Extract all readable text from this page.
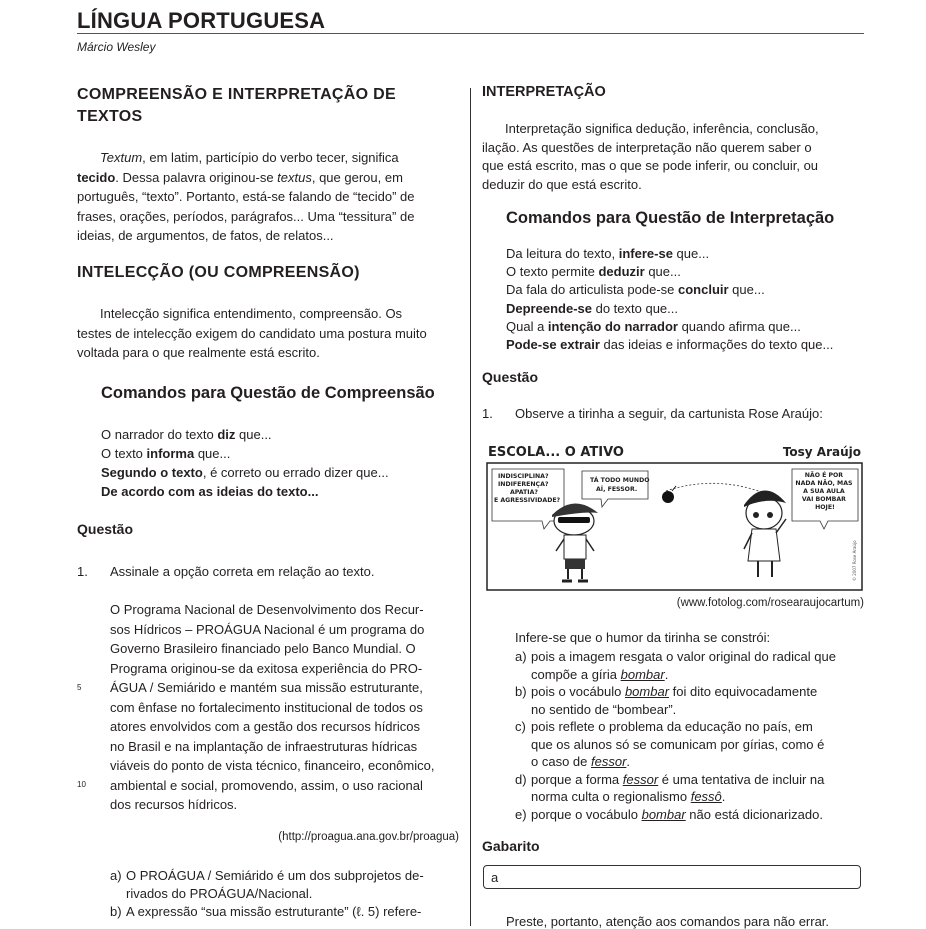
LÍNGUA PORTUGUESA
Márcio Wesley
COMPREENSÃO E INTERPRETAÇÃO DE
TEXTOS
Textum, em latim, particípio do verbo tecer, significa
tecido. Dessa palavra originou-se textus, que gerou, em
português, “texto”. Portanto, está-se falando de “tecido” de
frases, orações, períodos, parágrafos... Uma “tessitura” de
ideias, de argumentos, de fatos, de relatos...
INTELECÇÃO (OU COMPREENSÃO)
Intelecção significa entendimento, compreensão. Os
testes de intelecção exigem do candidato uma postura muito
voltada para o que realmente está escrito.
Comandos para Questão de Compreensão
O narrador do texto diz que...
O texto informa que...
Segundo o texto, é correto ou errado dizer que...
De acordo com as ideias do texto...
Questão
1. Assinale a opção correta em relação ao texto.
O Programa Nacional de Desenvolvimento dos Recur-
sos Hídricos – PROÁGUA Nacional é um programa do
Governo Brasileiro financiado pelo Banco Mundial. O
Programa originou-se da exitosa experiência do PRO-
ÁGUA / Semiárido e mantém sua missão estruturante,
com ênfase no fortalecimento institucional de todos os
atores envolvidos com a gestão dos recursos hídricos
no Brasil e na implantação de infraestruturas hídricas
viáveis do ponto de vista técnico, financeiro, econômico,
ambiental e social, promovendo, assim, o uso racional
dos recursos hídricos.
5
10
(http://proagua.ana.gov.br/proagua)
a) O PROÁGUA / Semiárido é um dos subprojetos de-
rivados do PROÁGUA/Nacional.
b) A expressão “sua missão estruturante” (ℓ. 5) refere-
INTERPRETAÇÃO
Interpretação significa dedução, inferência, conclusão,
ilação. As questões de interpretação não querem saber o
que está escrito, mas o que se pode inferir, ou concluir, ou
deduzir do que está escrito.
Comandos para Questão de Interpretação
Da leitura do texto, infere-se que...
O texto permite deduzir que...
Da fala do articulista pode-se concluir que...
Depreende-se do texto que...
Qual a intenção do narrador quando afirma que...
Pode-se extrair das ideias e informações do texto que...
Questão
1. Observe a tirinha a seguir, da cartunista Rose Araújo:
(www.fotolog.com/rosearaujocartum)
Infere-se que o humor da tirinha se constrói:
a) pois a imagem resgata o valor original do radical que
compõe a gíria bombar.
b) pois o vocábulo bombar foi dito equivocadamente
no sentido de “bombear”.
c) pois reflete o problema da educação no país, em
que os alunos só se comunicam por gírias, como é
o caso de fessor.
d) porque a forma fessor é uma tentativa de incluir na
norma culta o regionalismo fessô.
e) porque o vocábulo bombar não está dicionarizado.
Gabarito
Preste, portanto, atenção aos comandos para não errar.
a
ESCOLA... O ATIVO	Tosy Araújo
INDISCIPLINA? INDIFERENÇA? APATIA? E AGRESSIVIDADE?
TÁ TODO MUNDO AÍ, FESSOR.
NÃO É POR NADA NÃO, MAS A SUA AULA VAI BOMBAR HOJE!
© 2007 Rose Araújo
